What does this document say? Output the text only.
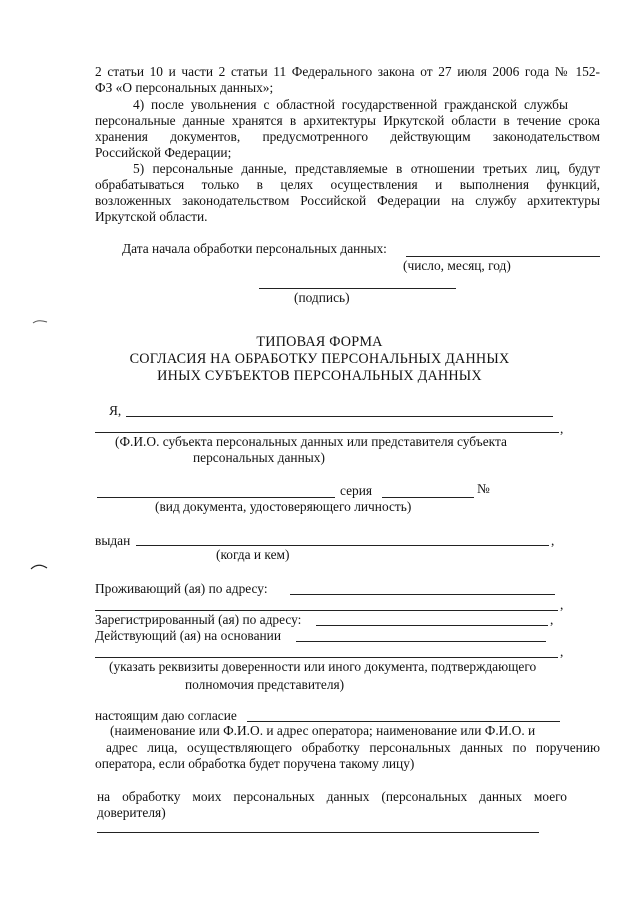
2 статьи 10 и части 2 статьи 11 Федерального закона от 27 июля 2006 года № 152-
ФЗ «О персональных данных»;
4) после увольнения с областной государственной гражданской службы
персональные данные хранятся в архитектуры Иркутской области в течение срока
хранения документов, предусмотренного действующим законодательством
Российской Федерации;
5) персональные данные, представляемые в отношении третьих лиц, будут
обрабатываться только в целях осуществления и выполнения функций,
возложенных законодательством Российской Федерации на службу архитектуры
Иркутской области.
Дата начала обработки персональных данных:
(число, месяц, год)
(подпись)
ТИПОВАЯ ФОРМА
СОГЛАСИЯ НА ОБРАБОТКУ ПЕРСОНАЛЬНЫХ ДАННЫХ
ИНЫХ СУБЪЕКТОВ ПЕРСОНАЛЬНЫХ ДАННЫХ
Я,
,
(Ф.И.О. субъекта персональных данных или представителя субъекта
персональных данных)
серия	№
(вид документа, удостоверяющего личность)
выдан	,
(когда и кем)
Проживающий (ая) по адресу:
,
Зарегистрированный (ая) по адресу:	,
Действующий (ая) на основании
,
(указать реквизиты доверенности или иного документа, подтверждающего
полномочия представителя)
настоящим даю согласие
(наименование или Ф.И.О. и адрес оператора; наименование или Ф.И.О. и
адрес лица, осуществляющего обработку персональных данных по поручению
оператора, если обработка будет поручена такому лицу)
на обработку моих персональных данных (персональных данных моего
доверителя)
